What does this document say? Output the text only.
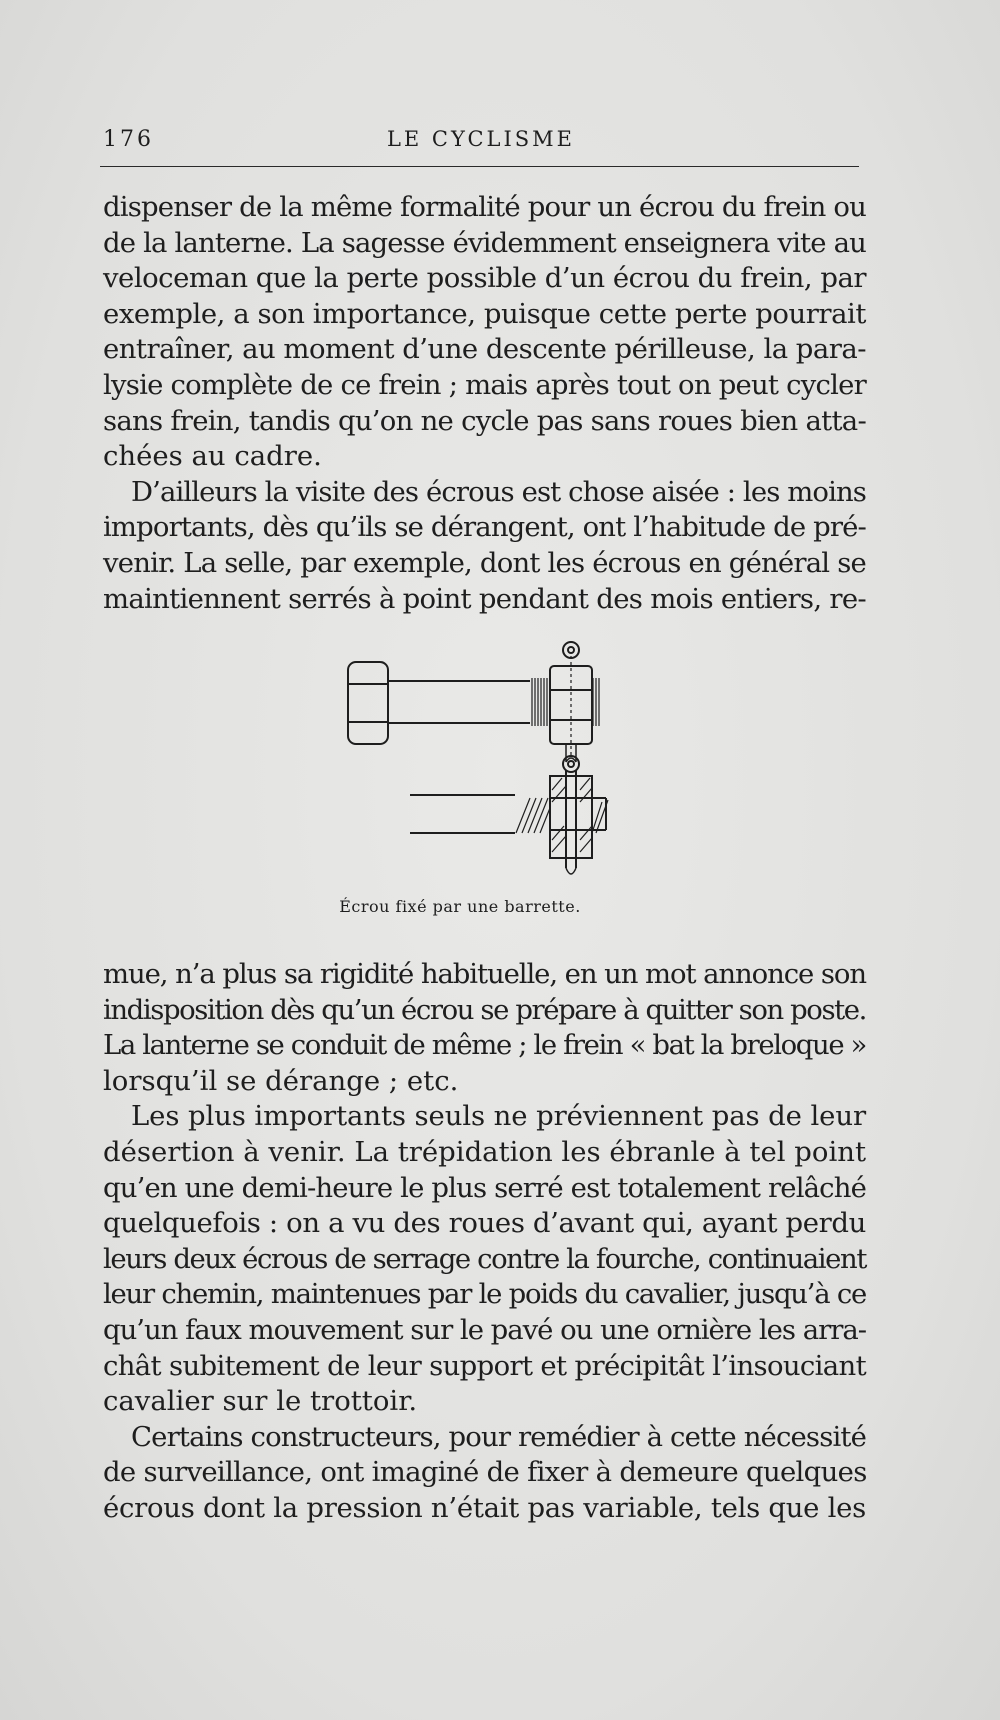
176	LE CYCLISME
dispenser de la même formalité pour un écrou du frein ou
de la lanterne. La sagesse évidemment enseignera vite au
veloceman que la perte possible d’un écrou du frein, par
exemple, a son importance, puisque cette perte pourrait
entraîner, au moment d’une descente périlleuse, la para-
lysie complète de ce frein ; mais après tout on peut cycler
sans frein, tandis qu’on ne cycle pas sans roues bien atta-
chées au cadre.
D’ailleurs la visite des écrous est chose aisée : les moins
importants, dès qu’ils se dérangent, ont l’habitude de pré-
venir. La selle, par exemple, dont les écrous en général se
maintiennent serrés à point pendant des mois entiers, re-
Écrou fixé par une barrette.
mue, n’a plus sa rigidité habituelle, en un mot annonce son
indisposition dès qu’un écrou se prépare à quitter son poste.
La lanterne se conduit de même ; le frein « bat la breloque »
lorsqu’il se dérange ; etc.
Les plus importants seuls ne préviennent pas de leur
désertion à venir. La trépidation les ébranle à tel point
qu’en une demi-heure le plus serré est totalement relâché
quelquefois : on a vu des roues d’avant qui, ayant perdu
leurs deux écrous de serrage contre la fourche, continuaient
leur chemin, maintenues par le poids du cavalier, jusqu’à ce
qu’un faux mouvement sur le pavé ou une ornière les arra-
chât subitement de leur support et précipitât l’insouciant
cavalier sur le trottoir.
Certains constructeurs, pour remédier à cette nécessité
de surveillance, ont imaginé de fixer à demeure quelques
écrous dont la pression n’était pas variable, tels que les
